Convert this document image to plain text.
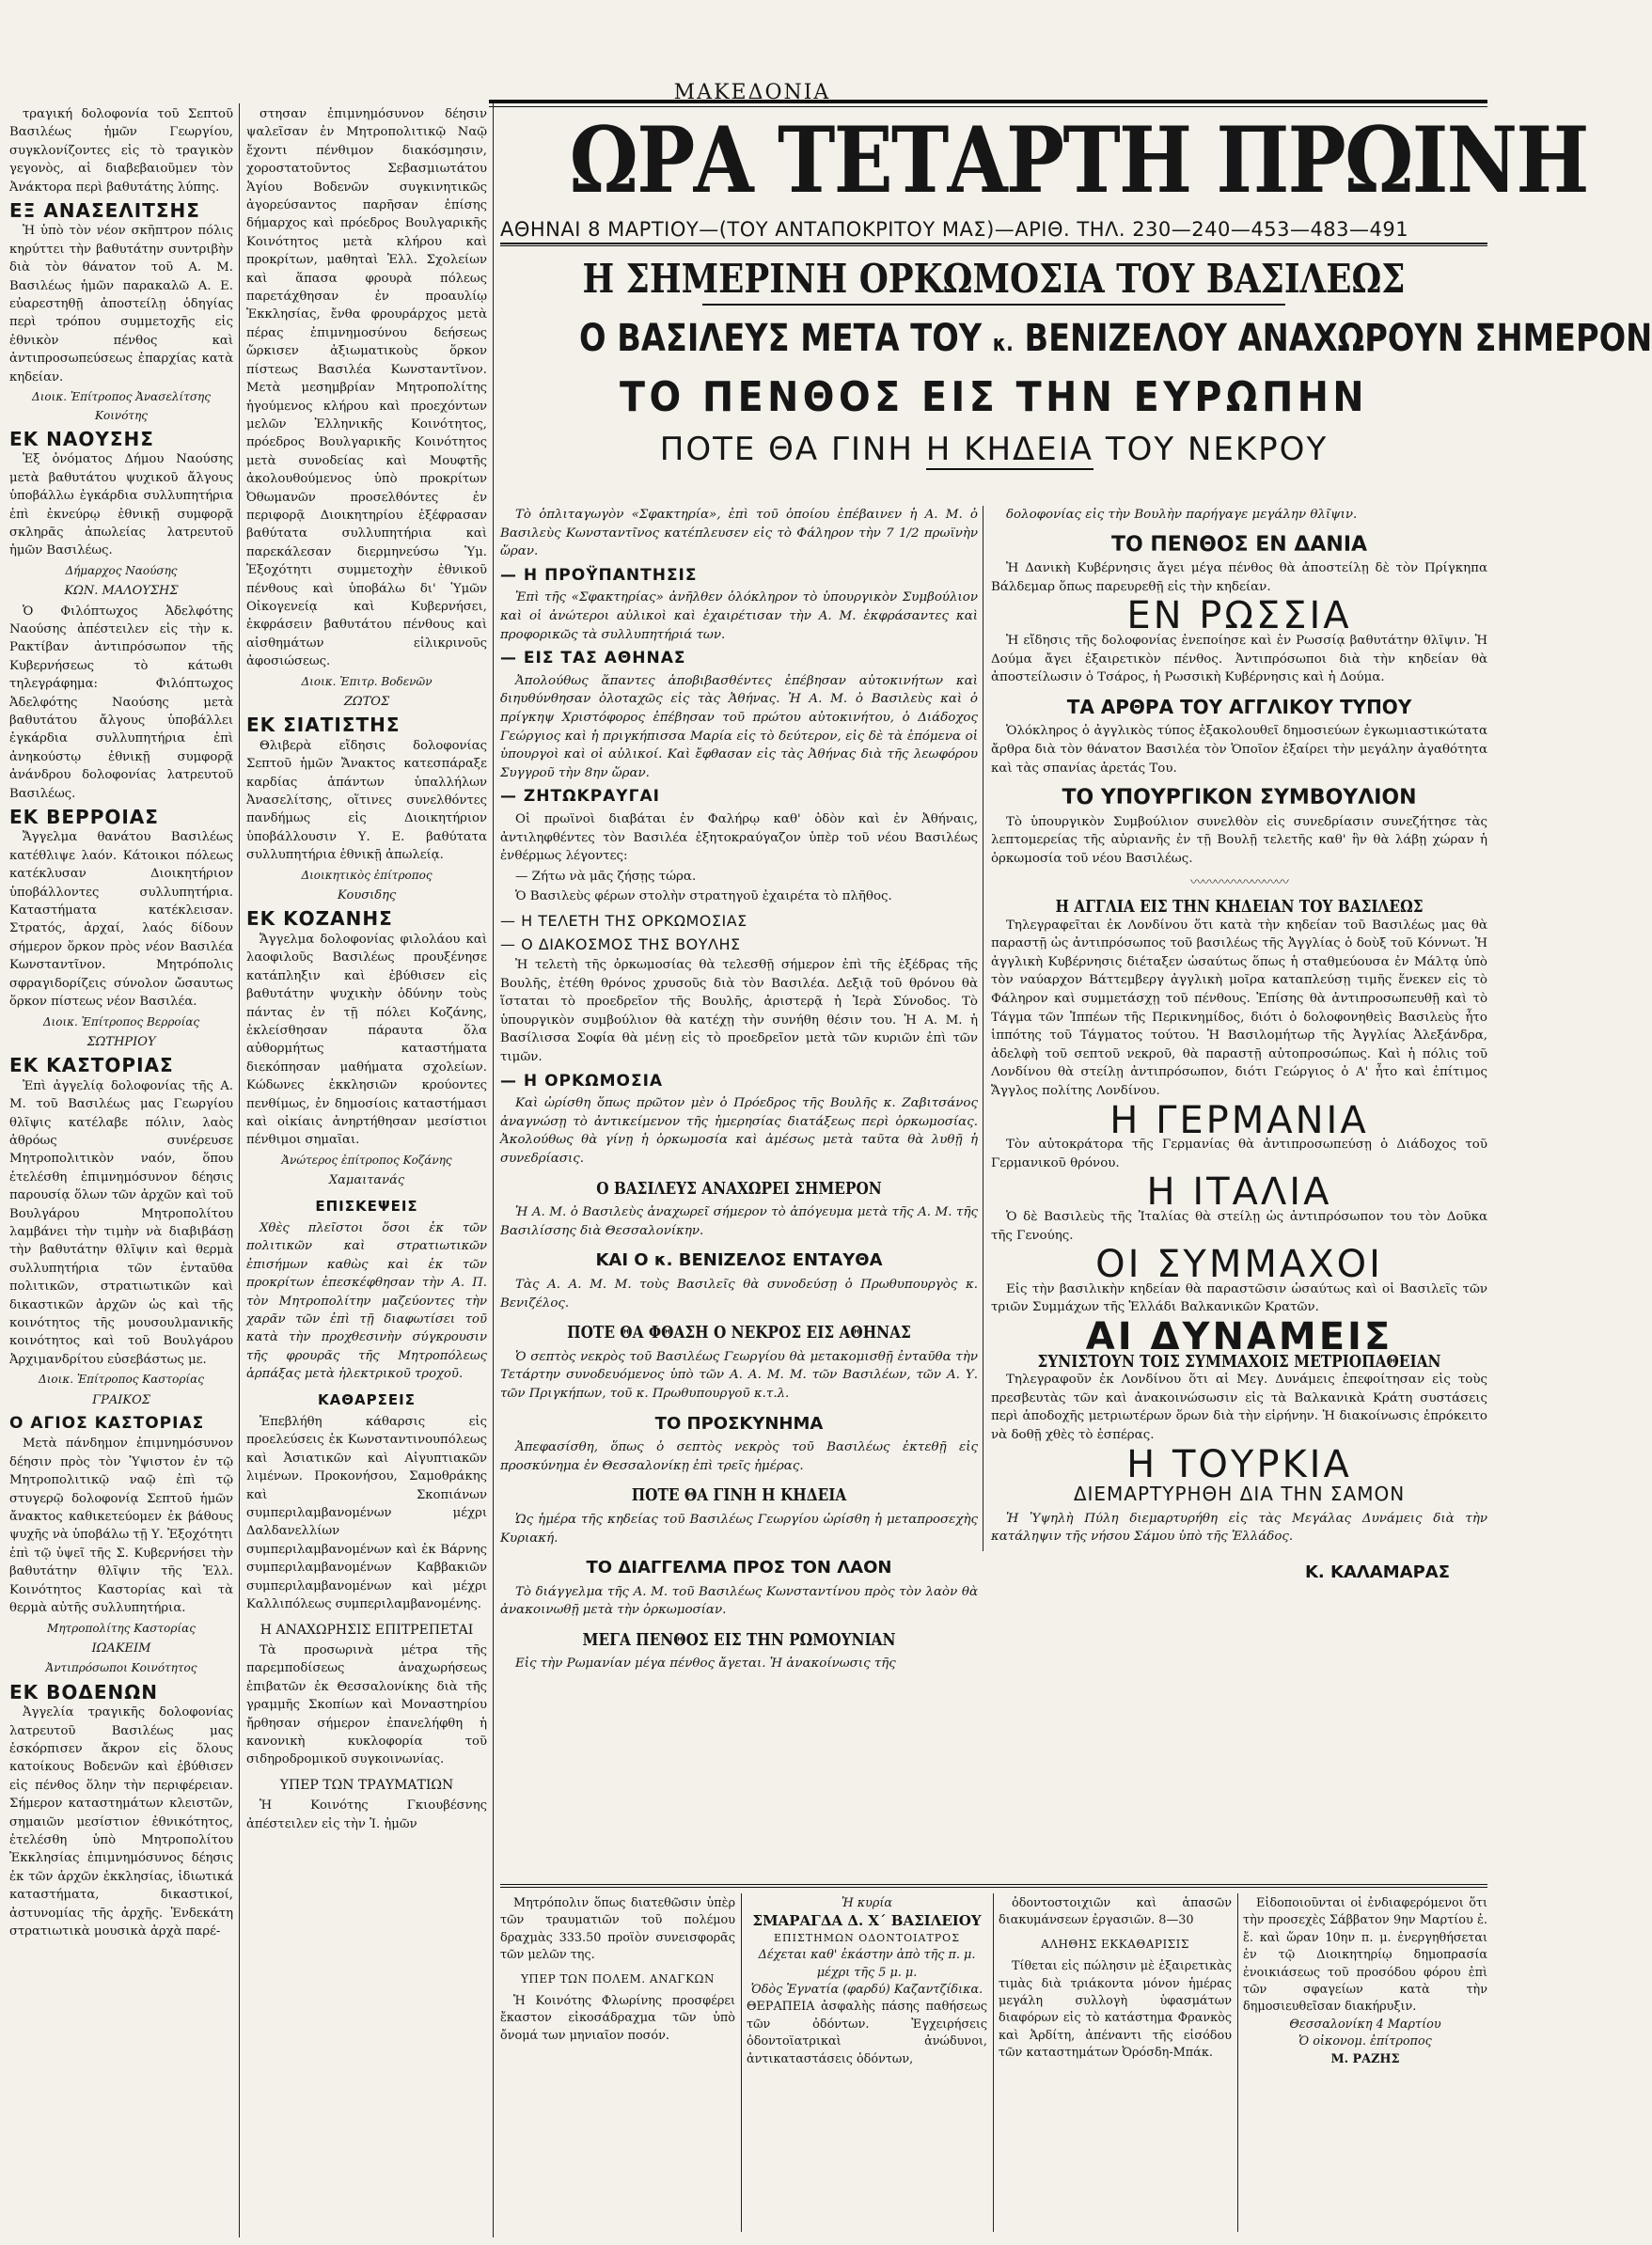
ΜΑΚΕΔΟΝΙΑ

τραγική δολοφονία τοῦ Σεπτοῦ Βασιλέως ἡμῶν Γεωργίου, συγκλονίζοντες εἰς τὸ τραγικὸν γεγονὸς, αἱ διαβεβαιοῦμεν τὸν Ἀνάκτορα περὶ βαθυτάτης λύπης.

ΕΞ ΑΝΑΣΕΛΙΤΣΗΣ

Ἡ ὑπὸ τὸν νέον σκῆπτρον πόλις κηρύττει τὴν βαθυτάτην συντριβὴν διὰ τὸν θάνατον τοῦ Α. Μ. Βασιλέως ἡμῶν παρακαλῶ Α. Ε. εὐαρεστηθῇ ἀποστείλῃ ὁδηγίας περὶ τρόπου συμμετοχῆς εἰς ἐθνικὸν πένθος καὶ ἀντιπροσωπεύσεως ἐπαρχίας κατὰ κηδείαν.

Διοικ. Ἐπίτροπος Ἀνασελίτσης Κοινότης

ΕΚ ΝΑΟΥΣΗΣ

Ἐξ ὀνόματος Δήμου Ναούσης μετὰ βαθυτάτου ψυχικοῦ ἄλγους ὑποβάλλω ἐγκάρδια συλλυπητήρια ἐπὶ ἐκνεύρῳ ἐθνικῇ συμφορᾷ σκληρᾶς ἀπωλείας λατρευτοῦ ἡμῶν Βασιλέως.

Δήμαρχος Ναούσης

ΚΩΝ. ΜΑΛΟΥΣΗΣ

Ὁ Φιλόπτωχος Ἀδελφότης Ναούσης ἀπέστειλεν εἰς τὴν κ. Ρακτίβαν ἀντιπρόσωπον τῆς Κυβερνήσεως τὸ κάτωθι τηλεγράφημα: Φιλόπτωχος Ἀδελφότης Ναούσης μετὰ βαθυτάτου ἄλγους ὑποβάλλει ἐγκάρδια συλλυπητήρια ἐπὶ ἀνηκούστῳ ἐθνικῇ συμφορᾷ ἀνάνδρου δολοφονίας λατρευτοῦ Βασιλέως.

ΕΚ ΒΕΡΡΟΙΑΣ

Ἄγγελμα θανάτου Βασιλέως κατέθλιψε λαόν. Κάτοικοι πόλεως κατέκλυσαν Διοικητήριον ὑποβάλλοντες συλλυπητήρια. Καταστήματα κατέκλεισαν. Στρατός, ἀρχαί, λαός δίδουν σήμερον ὅρκον πρὸς νέον Βασιλέα Κωνσταντῖνον. Μητρόπολις σφραγιδορίζεις σύνολον ὤσαυτως ὅρκον πίστεως νέον Βασιλέα.

Διοικ. Ἐπίτροπος Βερροίας

ΣΩΤΗΡΙΟΥ

ΕΚ ΚΑΣΤΟΡΙΑΣ

Ἐπὶ ἀγγελίᾳ δολοφονίας τῆς Α. Μ. τοῦ Βασιλέως μας Γεωργίου θλῖψις κατέλαβε πόλιν, λαὸς ἀθρόως συνέρευσε Μητροπολιτικὸν ναόν, ὅπου ἐτελέσθη ἐπιμνημόσυνον δέησις παρουσίᾳ ὅλων τῶν ἀρχῶν καὶ τοῦ Βουλγάρου Μητροπολίτου λαμβάνει τὴν τιμὴν νὰ διαβιβάσῃ τὴν βαθυτάτην θλῖψιν καὶ θερμὰ συλλυπητήρια τῶν ἐνταῦθα πολιτικῶν, στρατιωτικῶν καὶ δικαστικῶν ἀρχῶν ὡς καὶ τῆς κοινότητος τῆς μουσουλμανικῆς κοινότητος καὶ τοῦ Βουλγάρου Ἀρχιμανδρίτου εὐσεβάστως με.

Διοικ. Ἐπίτροπος Καστορίας

ΓΡΑΙΚΟΣ

Ο ΑΓΙΟΣ ΚΑΣΤΟΡΙΑΣ

Μετὰ πάνδημον ἐπιμνημόσυνον δέησιν πρὸς τὸν Ὑψιστον ἐν τῷ Μητροπολιτικῷ ναῷ ἐπὶ τῷ στυγερῷ δολοφονίᾳ Σεπτοῦ ἡμῶν ἄνακτος καθικετεύομεν ἐκ βάθους ψυχῆς νὰ ὑποβάλω τῇ Υ. Ἐξοχότητι ἐπὶ τῷ ὑψεῖ τῆς Σ. Κυβερνήσει τὴν βαθυτάτην θλῖψιν τῆς Ἑλλ. Κοινότητος Καστορίας καὶ τὰ θερμὰ αὐτῆς συλλυπητήρια.

Μητροπολίτης Καστορίας

ΙΩΑΚΕΙΜ

Ἀντιπρόσωποι Κοινότητος

ΕΚ ΒΟΔΕΝΩΝ

Ἀγγελία τραγικῆς δολοφονίας λατρευτοῦ Βασιλέως μας ἐσκόρπισεν ἄκρον εἰς ὅλους κατοίκους Βοδενῶν καὶ ἐβύθισεν εἰς πένθος ὅλην τὴν περιφέρειαν. Σήμερον καταστημάτων κλειστῶν, σημαιῶν μεσίστιον ἐθνικότητος, ἐτελέσθη ὑπὸ Μητροπολίτου Ἐκκλησίας ἐπιμνημόσυνος δέησις ἐκ τῶν ἀρχῶν ἐκκλησίας, ἰδιωτικά καταστήματα, δικαστικοί, ἀστυνομίας τῆς ἀρχῆς. Ἐνδεκάτη στρατιωτικὰ μουσικὰ ἀρχὰ παρέ-

στησαν ἐπιμνημόσυνον δέησιν ψαλεῖσαν ἐν Μητροπολιτικῷ Ναῷ ἔχοντι πένθιμον διακόσμησιν, χοροστατοῦντος Σεβασμιωτάτου Ἁγίου Βοδενῶν συγκινητικῶς ἀγορεύσαντος παρῆσαν ἐπίσης δήμαρχος καὶ πρόεδρος Βουλγαρικῆς Κοινότητος μετὰ κλήρου καὶ προκρίτων, μαθηταὶ Ἑλλ. Σχολείων καὶ ἅπασα φρουρὰ πόλεως παρετάχθησαν ἐν προαυλίῳ Ἐκκλησίας, ἔνθα φρουράρχος μετὰ πέρας ἐπιμνημοσύνου δεήσεως ὥρκισεν ἀξιωματικοὺς ὅρκον πίστεως Βασιλέα Κωνσταντῖνον. Μετὰ μεσημβρίαν Μητροπολίτης ἡγούμενος κλήρου καὶ προεχόντων μελῶν Ἑλληνικῆς Κοινότητος, πρόεδρος Βουλγαρικῆς Κοινότητος μετὰ συνοδείας καὶ Μουφτῆς ἀκολουθούμενος ὑπὸ προκρίτων Ὀθωμανῶν προσελθόντες ἐν περιφορᾷ Διοικητηρίου ἐξέφρασαν βαθύτατα συλλυπητήρια καὶ παρεκάλεσαν διερμηνεύσω Ὑμ. Ἐξοχότητι συμμετοχὴν ἐθνικοῦ πένθους καὶ ὑποβάλω δι' Ὑμῶν Οἰκογενείᾳ καὶ Κυβερνήσει, ἐκφράσειν βαθυτάτου πένθους καὶ αἰσθημάτων εἰλικρινοῦς ἀφοσιώσεως.

Διοικ. Ἐπιτρ. Βοδενῶν

ΖΩΤΟΣ

ΕΚ ΣΙΑΤΙΣΤΗΣ

Θλιβερὰ εἴδησις δολοφονίας Σεπτοῦ ἡμῶν Ἄνακτος κατεσπάραξε καρδίας ἁπάντων ὑπαλλήλων Ἀνασελίτσης, οἵτινες συνελθόντες πανδήμως εἰς Διοικητήριον ὑποβάλλουσιν Υ. Ε. βαθύτατα συλλυπητήρια ἐθνικῇ ἀπωλείᾳ.

Διοικητικὸς ἐπίτροπος

Κουσιδης

ΕΚ ΚΟΖΑΝΗΣ

Ἄγγελμα δολοφονίας φιλολάου καὶ λαοφιλοῦς Βασιλέως προυξένησε κατάπληξιν καὶ ἐβύθισεν εἰς βαθυτάτην ψυχικὴν ὀδύνην τοὺς πάντας ἐν τῇ πόλει Κοζάνης, ἐκλείσθησαν πάραυτα ὅλα αὐθορμήτως καταστήματα διεκόπησαν μαθήματα σχολείων. Κώδωνες ἐκκλησιῶν κρούοντες πενθίμως, ἐν δημοσίοις καταστήμασι καὶ οἰκίαις ἀνηρτήθησαν μεσίστιοι πένθιμοι σημαῖαι.

Ἀνώτερος ἐπίτροπος Κοζάνης

Χαμαιτανάς

ΕΠΙΣΚΕΨΕΙΣ

Χθὲς πλεῖστοι ὅσοι ἐκ τῶν πολιτικῶν καὶ στρατιωτικῶν ἐπισήμων καθὼς καὶ ἐκ τῶν προκρίτων ἐπεσκέφθησαν τὴν Α. Π. τὸν Μητροπολίτην μαζεύοντες τὴν χαρᾶν τῶν ἐπὶ τῇ διαφωτίσει τοῦ κατὰ τὴν προχθεσινὴν σύγκρουσιν τῆς φρουρᾶς τῆς Μητροπόλεως ἁρπάξας μετὰ ἠλεκτρικοῦ τροχοῦ.

ΚΑΘΑΡΣΕΙΣ

Ἐπεβλήθη κάθαρσις εἰς προελεύσεις ἐκ Κωνσταντινουπόλεως καὶ Ἀσιατικῶν καὶ Αἰγυπτιακῶν λιμένων. Προκονήσου, Σαμοθράκης καὶ Σκοπιάνων συμπεριλαμβανομένων μέχρι Δαλδανελλίων συμπεριλαμβανομένων καὶ ἐκ Βάρνης συμπεριλαμβανομένων Καββακιῶν συμπεριλαμβανομένων καὶ μέχρι Καλλιπόλεως συμπεριλαμβανομένης.

Η ΑΝΑΧΩΡΗΣΙΣ ΕΠΙΤΡΕΠΕΤΑΙ

Τὰ προσωρινὰ μέτρα τῆς παρεμποδίσεως ἀναχωρήσεως ἐπιβατῶν ἐκ Θεσσαλονίκης διὰ τῆς γραμμῆς Σκοπίων καὶ Μοναστηρίου ἤρθησαν σήμερον ἐπανελήφθη ἡ κανονικὴ κυκλοφορία τοῦ σιδηροδρομικοῦ συγκοινωνίας.

ΥΠΕΡ ΤΩΝ ΤΡΑΥΜΑΤΙΩΝ

Ἡ Κοινότης Γκιουβέσνης ἀπέστειλεν εἰς τὴν Ἰ. ἡμῶν

ΩΡΑ ΤΕΤΑΡΤΗ ΠΡΩΙΝΗ
ΑΘΗΝΑΙ 8 ΜΑΡΤΙΟΥ—(ΤΟΥ ΑΝΤΑΠΟΚΡΙΤΟΥ ΜΑΣ)—ΑΡΙΘ. ΤΗΛ. 230—240—453—483—491
Η ΣΗΜΕΡΙΝΗ ΟΡΚΩΜΟΣΙΑ ΤΟΥ ΒΑΣΙΛΕΩΣ
Ο ΒΑΣΙΛΕΥΣ ΜΕΤΑ ΤΟΥ κ. ΒΕΝΙΖΕΛΟΥ ΑΝΑΧΩΡΟΥΝ ΣΗΜΕΡΟΝ
ΤΟ ΠΕΝΘΟΣ ΕΙΣ ΤΗΝ ΕΥΡΩΠΗΝ
ΠΟΤΕ ΘΑ ΓΙΝΗ Η ΚΗΔΕΙΑ ΤΟΥ ΝΕΚΡΟΥ

Τὸ ὁπλιταγωγὸν «Σφακτηρία», ἐπὶ τοῦ ὁποίου ἐπέβαινεν ἡ Α. Μ. ὁ Βασιλεὺς Κωνσταντῖνος κατέπλευσεν εἰς τὸ Φάληρον τὴν 7 1/2 πρωϊνὴν ὥραν.

— Η ΠΡΟΫΠΑΝΤΗΣΙΣ

Ἐπὶ τῆς «Σφακτηρίας» ἀνῆλθεν ὁλόκληρον τὸ ὑπουργικὸν Συμβούλιον καὶ οἱ ἀνώτεροι αὐλικοὶ καὶ ἐχαιρέτισαν τὴν Α. Μ. ἐκφράσαντες καὶ προφορικῶς τὰ συλλυπητήριά των.

— ΕΙΣ ΤΑΣ ΑΘΗΝΑΣ

Ἀπολούθως ἅπαντες ἀποβιβασθέντες ἐπέβησαν αὐτοκινήτων καὶ διηυθύνθησαν ὁλοταχῶς εἰς τὰς Ἀθήνας. Ἡ Α. Μ. ὁ Βασιλεὺς καὶ ὁ πρίγκηψ Χριστόφορος ἐπέβησαν τοῦ πρώτου αὐτοκινήτου, ὁ Διάδοχος Γεώργιος καὶ ἡ πριγκήπισσα Μαρία εἰς τὸ δεύτερον, εἰς δὲ τὰ ἑπόμενα οἱ ὑπουργοὶ καὶ οἱ αὐλικοί. Καὶ ἔφθασαν εἰς τὰς Ἀθήνας διὰ τῆς λεωφόρου Συγγροῦ τὴν 8ην ὥραν.

— ΖΗΤΩΚΡΑΥΓΑΙ

Οἱ πρωϊνοὶ διαβάται ἐν Φαλήρῳ καθ' ὁδὸν καὶ ἐν Ἀθήναις, ἀντιληφθέντες τὸν Βασιλέα ἐξητοκραύγαζον ὑπὲρ τοῦ νέου Βασιλέως ἐνθέρμως λέγοντες:

— Ζήτω νὰ μᾶς ζήσῃς τώρα.

Ὁ Βασιλεὺς φέρων στολὴν στρατηγοῦ ἐχαιρέτα τὸ πλῆθος.

— Η ΤΕΛΕΤΗ ΤΗΣ ΟΡΚΩΜΟΣΙΑΣ
— Ο ΔΙΑΚΟΣΜΟΣ ΤΗΣ ΒΟΥΛΗΣ

Ἡ τελετὴ τῆς ὁρκωμοσίας θὰ τελεσθῇ σήμερον ἐπὶ τῆς ἐξέδρας τῆς Βουλῆς, ἐτέθη θρόνος χρυσοῦς διὰ τὸν Βασιλέα. Δεξιᾷ τοῦ θρόνου θὰ ἵσταται τὸ προεδρεῖον τῆς Βουλῆς, ἀριστερᾷ ἡ Ἱερὰ Σύνοδος. Τὸ ὑπουργικὸν συμβούλιον θὰ κατέχῃ τὴν συνήθη θέσιν του. Ἡ Α. Μ. ἡ Βασίλισσα Σοφία θὰ μένῃ εἰς τὸ προεδρεῖον μετὰ τῶν κυριῶν ἐπὶ τῶν τιμῶν.

— Η ΟΡΚΩΜΟΣΙΑ

Καὶ ὡρίσθη ὅπως πρῶτον μὲν ὁ Πρόεδρος τῆς Βουλῆς κ. Ζαβιτσάνος ἀναγνώσῃ τὸ ἀντικείμενον τῆς ἡμερησίας διατάξεως περὶ ὁρκωμοσίας. Ἀκολούθως θὰ γίνῃ ἡ ὁρκωμοσία καὶ ἀμέσως μετὰ ταῦτα θὰ λυθῇ ἡ συνεδρίασις.

Ο ΒΑΣΙΛΕΥΣ ΑΝΑΧΩΡΕΙ ΣΗΜΕΡΟΝ

Ἡ Α. Μ. ὁ Βασιλεὺς ἀναχωρεῖ σήμερον τὸ ἀπόγευμα μετὰ τῆς Α. Μ. τῆς Βασιλίσσης διὰ Θεσσαλονίκην.

ΚΑΙ Ο κ. ΒΕΝΙΖΕΛΟΣ ΕΝΤΑΥΘΑ

Τὰς Α. Α. Μ. Μ. τοὺς Βασιλεῖς θὰ συνοδεύσῃ ὁ Πρωθυπουργὸς κ. Βενιζέλος.

ΠΟΤΕ ΘΑ ΦΘΑΣΗ Ο ΝΕΚΡΟΣ ΕΙΣ ΑΘΗΝΑΣ

Ὁ σεπτὸς νεκρὸς τοῦ Βασιλέως Γεωργίου θὰ μετακομισθῇ ἐνταῦθα τὴν Τετάρτην συνοδευόμενος ὑπὸ τῶν Α. Α. Μ. Μ. τῶν Βασιλέων, τῶν Α. Υ. τῶν Πριγκήπων, τοῦ κ. Πρωθυπουργοῦ κ.τ.λ.

ΤΟ ΠΡΟΣΚΥΝΗΜΑ

Ἀπεφασίσθη, ὅπως ὁ σεπτὸς νεκρὸς τοῦ Βασιλέως ἐκτεθῇ εἰς προσκύνημα ἐν Θεσσαλονίκῃ ἐπὶ τρεῖς ἡμέρας.

ΠΟΤΕ ΘΑ ΓΙΝΗ Η ΚΗΔΕΙΑ

Ὡς ἡμέρα τῆς κηδείας τοῦ Βασιλέως Γεωργίου ὡρίσθη ἡ μεταπροσεχὴς Κυριακή.

ΤΟ ΔΙΑΓΓΕΛΜΑ ΠΡΟΣ ΤΟΝ ΛΑΟΝ

Τὸ διάγγελμα τῆς Α. Μ. τοῦ Βασιλέως Κωνσταντίνου πρὸς τὸν λαὸν θὰ ἀνακοινωθῇ μετὰ τὴν ὁρκωμοσίαν.

ΜΕΓΑ ΠΕΝΘΟΣ ΕΙΣ ΤΗΝ ΡΩΜΟΥΝΙΑΝ

Εἰς τὴν Ρωμανίαν μέγα πένθος ἄγεται. Ἡ ἀνακοίνωσις τῆς

δολοφονίας εἰς τὴν Βουλὴν παρήγαγε μεγάλην θλῖψιν.

ΤΟ ΠΕΝΘΟΣ ΕΝ ΔΑΝΙΑ

Ἡ Δανικὴ Κυβέρνησις ἄγει μέγα πένθος θὰ ἀποστείλῃ δὲ τὸν Πρίγκηπα Βάλδεμαρ ὅπως παρευρεθῇ εἰς τὴν κηδείαν.

ΕΝ ΡΩΣΣΙΑ

Ἡ εἴδησις τῆς δολοφονίας ἐνεποίησε καὶ ἐν Ρωσσίᾳ βαθυτάτην θλῖψιν. Ἡ Δούμα ἄγει ἐξαιρετικὸν πένθος. Ἀντιπρόσωποι διὰ τὴν κηδείαν θὰ ἀποστείλωσιν ὁ Τσάρος, ἡ Ρωσσικὴ Κυβέρνησις καὶ ἡ Δούμα.

ΤΑ ΑΡΘΡΑ ΤΟΥ ΑΓΓΛΙΚΟΥ ΤΥΠΟΥ

Ὁλόκληρος ὁ ἀγγλικὸς τύπος ἐξακολουθεῖ δημοσιεύων ἐγκωμιαστικώτατα ἄρθρα διὰ τὸν θάνατον Βασιλέα τὸν Ὁποῖον ἐξαίρει τὴν μεγάλην ἀγαθότητα καὶ τὰς σπανίας ἀρετάς Του.

ΤΟ ΥΠΟΥΡΓΙΚΟΝ ΣΥΜΒΟΥΛΙΟΝ

Τὸ ὑπουργικὸν Συμβούλιον συνελθὸν εἰς συνεδρίασιν συνεζήτησε τὰς λεπτομερείας τῆς αὐριανῆς ἐν τῇ Βουλῇ τελετῆς καθ' ἣν θὰ λάβῃ χώραν ἡ ὁρκωμοσία τοῦ νέου Βασιλέως.

〰〰〰〰〰〰〰〰
Η ΑΓΓΛΙΑ ΕΙΣ ΤΗΝ ΚΗΔΕΙΑΝ ΤΟΥ ΒΑΣΙΛΕΩΣ

Τηλεγραφεῖται ἐκ Λονδίνου ὅτι κατὰ τὴν κηδείαν τοῦ Βασιλέως μας θὰ παραστῇ ὡς ἀντιπρόσωπος τοῦ βασιλέως τῆς Ἀγγλίας ὁ δοὺξ τοῦ Κόννωτ. Ἡ ἀγγλικὴ Κυβέρνησις διέταξεν ὡσαύτως ὅπως ἡ σταθμεύουσα ἐν Μάλτᾳ ὑπὸ τὸν ναύαρχον Βάττεμβεργ ἀγγλικὴ μοῖρα καταπλεύσῃ τιμῆς ἕνεκεν εἰς τὸ Φάληρον καὶ συμμετάσχῃ τοῦ πένθους. Ἐπίσης θὰ ἀντιπροσωπευθῇ καὶ τὸ Τάγμα τῶν Ἱππέων τῆς Περικνημίδος, διότι ὁ δολοφονηθεὶς Βασιλεὺς ἦτο ἱππότης τοῦ Τάγματος τούτου. Ἡ Βασιλομήτωρ τῆς Ἀγγλίας Ἀλεξάνδρα, ἀδελφὴ τοῦ σεπτοῦ νεκροῦ, θὰ παραστῇ αὐτοπροσώπως. Καὶ ἡ πόλις τοῦ Λονδίνου θὰ στείλῃ ἀντιπρόσωπον, διότι Γεώργιος ὁ Α' ἦτο καὶ ἐπίτιμος Ἄγγλος πολίτης Λονδίνου.

Η ΓΕΡΜΑΝΙΑ

Τὸν αὐτοκράτορα τῆς Γερμανίας θὰ ἀντιπροσωπεύσῃ ὁ Διάδοχος τοῦ Γερμανικοῦ θρόνου.

Η ΙΤΑΛΙΑ

Ὁ δὲ Βασιλεὺς τῆς Ἰταλίας θὰ στείλῃ ὡς ἀντιπρόσωπον του τὸν Δοῦκα τῆς Γενούης.

ΟΙ ΣΥΜΜΑΧΟΙ

Εἰς τὴν βασιλικὴν κηδείαν θὰ παραστῶσιν ὡσαύτως καὶ οἱ Βασιλεῖς τῶν τριῶν Συμμάχων τῆς Ἑλλάδι Βαλκανικῶν Κρατῶν.

ΑΙ ΔΥΝΑΜΕΙΣ
ΣΥΝΙΣΤΟΥΝ ΤΟΙΣ ΣΥΜΜΑΧΟΙΣ ΜΕΤΡΙΟΠΑΘΕΙΑΝ

Τηλεγραφοῦν ἐκ Λονδίνου ὅτι αἱ Μεγ. Δυνάμεις ἐπεφοίτησαν εἰς τοὺς πρεσβευτὰς τῶν καὶ ἀνακοινώσωσιν εἰς τὰ Βαλκανικὰ Κράτη συστάσεις περὶ ἀποδοχῆς μετριωτέρων ὅρων διὰ τὴν εἰρήνην. Ἡ διακοίνωσις ἐπρόκειτο νὰ δοθῇ χθὲς τὸ ἑσπέρας.

Η ΤΟΥΡΚΙΑ
ΔΙΕΜΑΡΤΥΡΗΘΗ ΔΙΑ ΤΗΝ ΣΑΜΟΝ

Ἡ Ὑψηλὴ Πύλη διεμαρτυρήθη εἰς τὰς Μεγάλας Δυνάμεις διὰ τὴν κατάληψιν τῆς νήσου Σάμου ὑπὸ τῆς Ἑλλάδος.

Κ. ΚΑΛΑΜΑΡΑΣ

Μητρόπολιν ὅπως διατεθῶσιν ὑπὲρ τῶν τραυματιῶν τοῦ πολέμου δραχμὰς 333.50 προϊὸν συνεισφορᾶς τῶν μελῶν της.

ΥΠΕΡ ΤΩΝ ΠΟΛΕΜ. ΑΝΑΓΚΩΝ

Ἡ Κοινότης Φλωρίνης προσφέρει ἔκαστον εἰκοσάδραχμα τῶν ὑπὸ ὄνομά των μηνιαῖον ποσόν.

Ἡ κυρία
ΣΜΑΡΑΓΔΑ Δ. Χ΄ ΒΑΣΙΛΕΙΟΥ
ΕΠΙΣΤΗΜΩΝ ΟΔΟΝΤΟΙΑΤΡΟΣ
Δέχεται καθ' ἑκάστην ἀπὸ τῆς π. μ. μέχρι τῆς 5 μ. μ.
Ὁδὸς Ἐγνατία (φαρδύ) Καζαντζίδικα.
ΘΕΡΑΠΕΙΑ ἀσφαλὴς πάσης παθήσεως τῶν ὀδόντων. Ἐγχειρήσεις ὀδοντοϊατρικαὶ ἀνώδυνοι, ἀντικαταστάσεις ὀδόντων,

ὀδοντοστοιχιῶν καὶ ἁπασῶν διακυμάνσεων ἐργασιῶν. 8—30

ΑΛΗΘΗΣ ΕΚΚΑΘΑΡΙΣΙΣ

Τίθεται εἰς πώλησιν μὲ ἐξαιρετικὰς τιμὰς διὰ τριάκοντα μόνον ἡμέρας μεγάλη συλλογὴ ὑφασμάτων διαφόρων εἰς τὸ κατάστημα Φρανκὸς καὶ Ἀρδίτη, ἀπέναντι τῆς εἰσόδου τῶν καταστημάτων Ὀρόσδη-Μπάκ.

Εἰδοποιοῦνται οἱ ἐνδιαφερόμενοι ὅτι τὴν προσεχὲς Σάββατον 9ην Μαρτίου ἐ. ἔ. καὶ ὥραν 10ην π. μ. ἐνεργηθήσεται ἐν τῷ Διοικητηρίῳ δημοπρασία ἐνοικιάσεως τοῦ προσόδου φόρου ἐπὶ τῶν σφαγείων κατὰ τὴν δημοσιευθεῖσαν διακήρυξιν.

Θεσσαλονίκη 4 Μαρτίου
Ὁ οἰκονομ. ἐπίτροπος
Μ. ΡΑΖΗΣ
